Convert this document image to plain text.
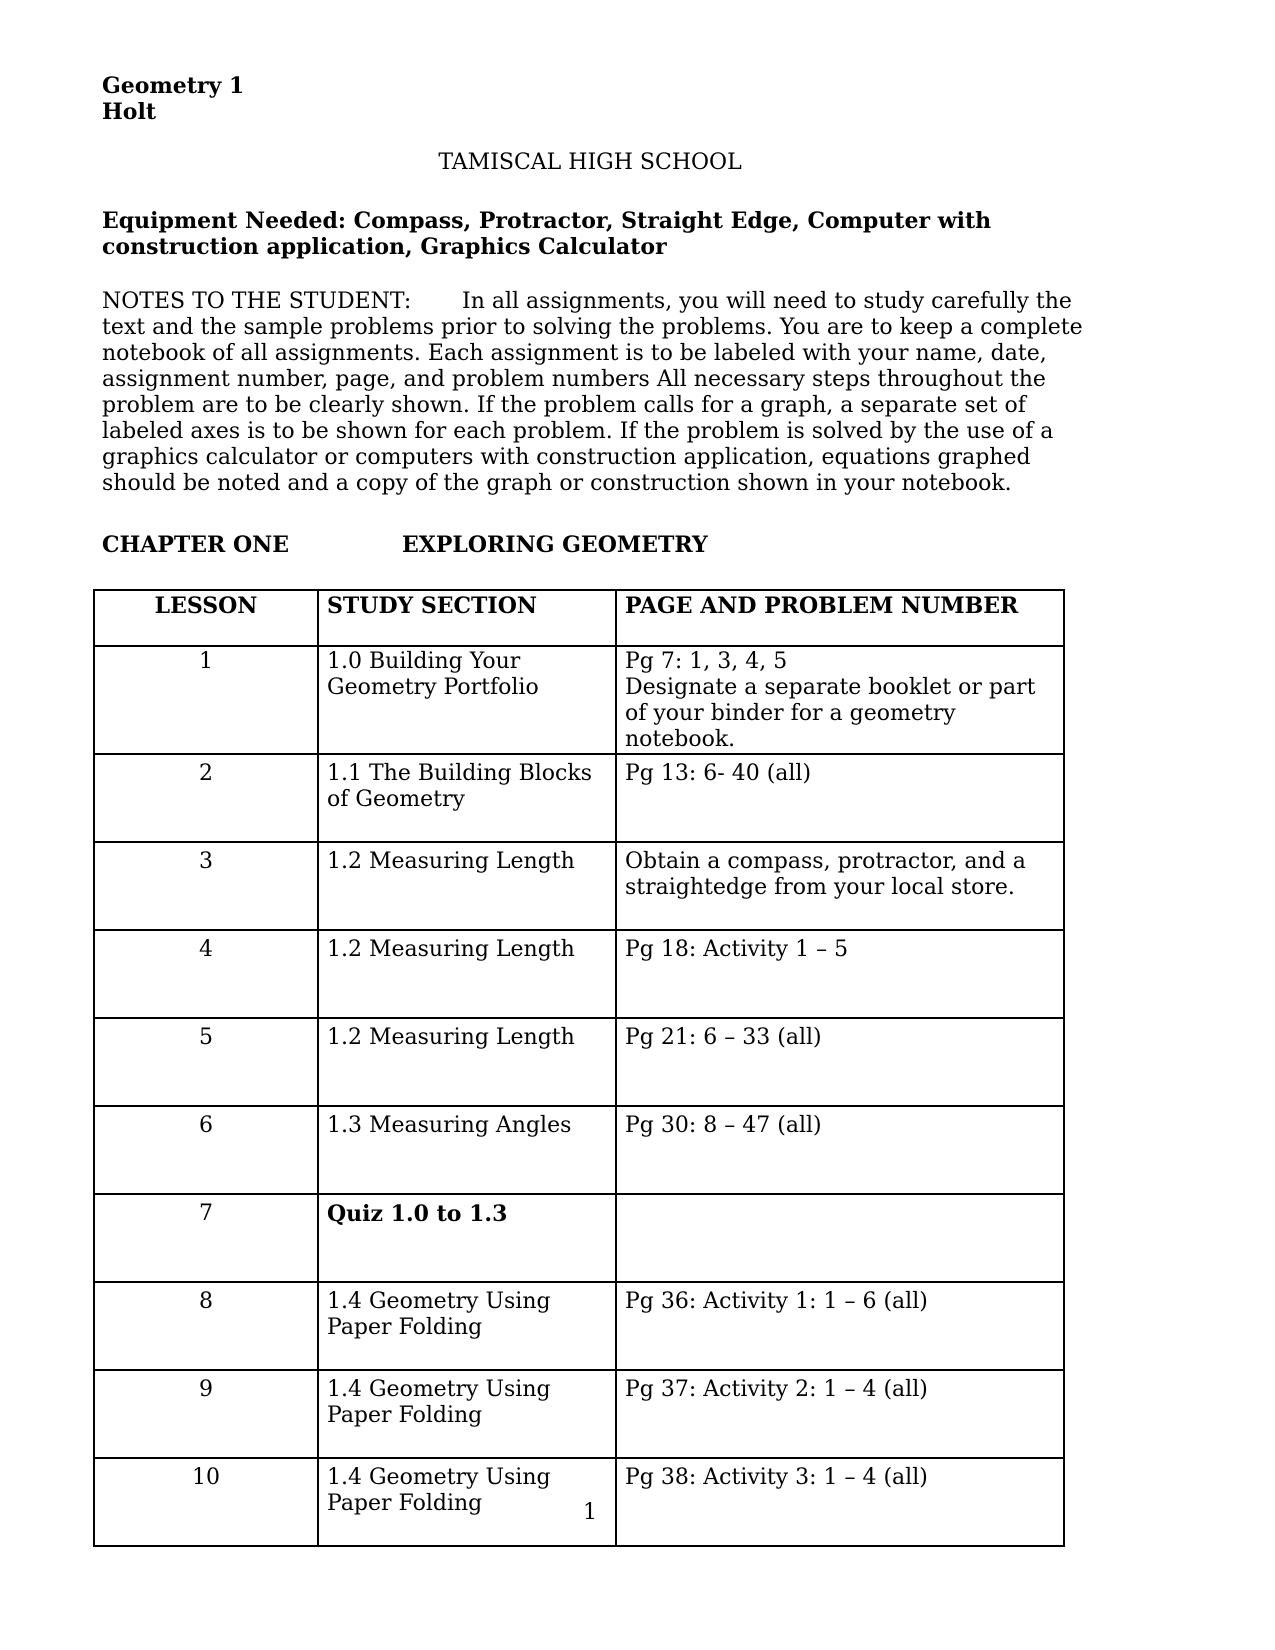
Geometry 1
Holt
TAMISCAL HIGH SCHOOL
Equipment Needed: Compass, Protractor, Straight Edge, Computer with construction application, Graphics Calculator
NOTES TO THE STUDENT: In all assignments, you will need to study carefully the text and the sample problems prior to solving the problems. You are to keep a complete notebook of all assignments. Each assignment is to be labeled with your name, date, assignment number, page, and problem numbers All necessary steps throughout the problem are to be clearly shown. If the problem calls for a graph, a separate set of labeled axes is to be shown for each problem. If the problem is solved by the use of a graphics calculator or computers with construction application, equations graphed should be noted and a copy of the graph or construction shown in your notebook.
CHAPTER ONE	EXPLORING GEOMETRY
LESSON	STUDY SECTION	PAGE AND PROBLEM NUMBER
1	1.0 Building Your Geometry Portfolio	Pg 7: 1, 3, 4, 5
Designate a separate booklet or part of your binder for a geometry notebook.

2	1.1 The Building Blocks of Geometry	Pg 13: 6- 40 (all)
3	1.2 Measuring Length	Obtain a compass, protractor, and a straightedge from your local store.
4	1.2 Measuring Length	Pg 18: Activity 1 – 5
5	1.2 Measuring Length	Pg 21: 6 – 33 (all)
6	1.3 Measuring Angles	Pg 30: 8 – 47 (all)
7	Quiz 1.0 to 1.3	
8	1.4 Geometry Using Paper Folding	Pg 36: Activity 1: 1 – 6 (all)
9	1.4 Geometry Using Paper Folding	Pg 37: Activity 2: 1 – 4 (all)
10	1.4 Geometry Using Paper Folding	Pg 38: Activity 3: 1 – 4 (all)
1
